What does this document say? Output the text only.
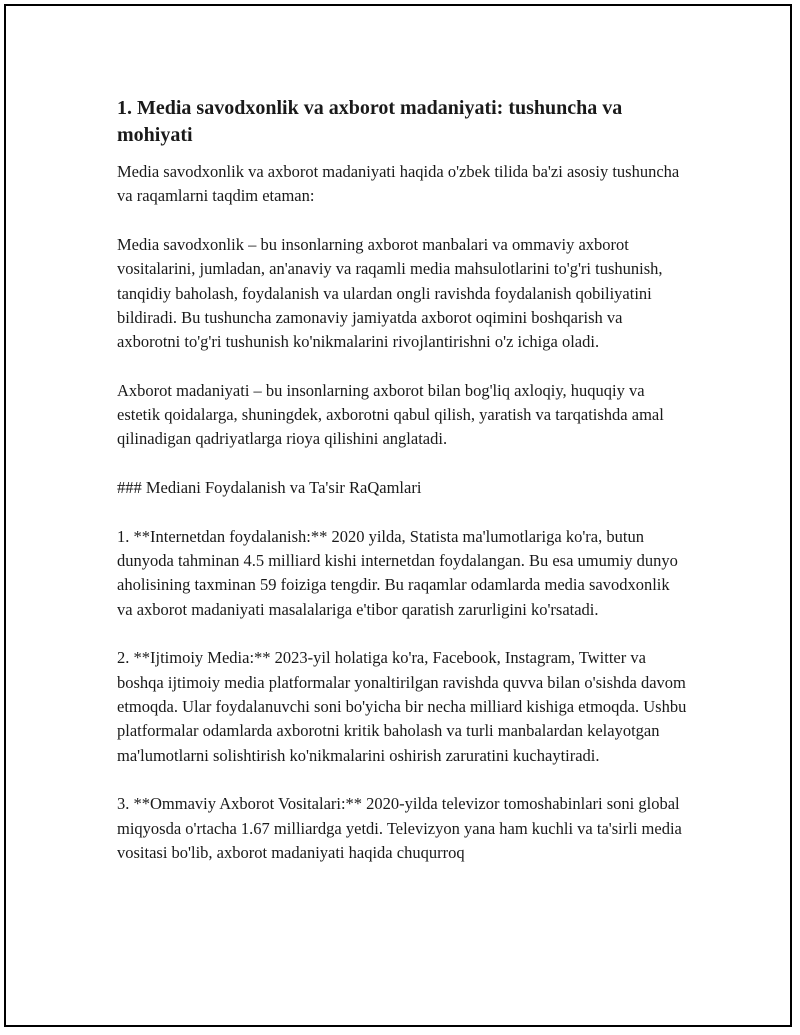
1. Media savodxonlik va axborot madaniyati: tushuncha va mohiyati

Media savodxonlik va axborot madaniyati haqida o'zbek tilida ba'zi asosiy tushuncha va raqamlarni taqdim etaman:

Media savodxonlik – bu insonlarning axborot manbalari va ommaviy axborot vositalarini, jumladan, an'anaviy va raqamli media mahsulotlarini to'g'ri tushunish, tanqidiy baholash, foydalanish va ulardan ongli ravishda foydalanish qobiliyatini bildiradi. Bu tushuncha zamonaviy jamiyatda axborot oqimini boshqarish va axborotni to'g'ri tushunish ko'nikmalarini rivojlantirishni o'z ichiga oladi.

Axborot madaniyati – bu insonlarning axborot bilan bog'liq axloqiy, huquqiy va estetik qoidalarga, shuningdek, axborotni qabul qilish, yaratish va tarqatishda amal qilinadigan qadriyatlarga rioya qilishini anglatadi.

### Mediani Foydalanish va Ta'sir RaQamlari

1. **Internetdan foydalanish:** 2020 yilda, Statista ma'lumotlariga ko'ra, butun dunyoda tahminan 4.5 milliard kishi internetdan foydalangan. Bu esa umumiy dunyo aholisining taxminan 59 foiziga tengdir. Bu raqamlar odamlarda media savodxonlik va axborot madaniyati masalalariga e'tibor qaratish zarurligini ko'rsatadi.

2. **Ijtimoiy Media:** 2023-yil holatiga ko'ra, Facebook, Instagram, Twitter va boshqa ijtimoiy media platformalar yonaltirilgan ravishda quvva bilan o'sishda davom etmoqda. Ular foydalanuvchi soni bo'yicha bir necha milliard kishiga etmoqda. Ushbu platformalar odamlarda axborotni kritik baholash va turli manbalardan kelayotgan ma'lumotlarni solishtirish ko'nikmalarini oshirish zaruratini kuchaytiradi.

3. **Ommaviy Axborot Vositalari:** 2020-yilda televizor tomoshabinlari soni global miqyosda o'rtacha 1.67 milliardga yetdi. Televizyon yana ham kuchli va ta'sirli media vositasi bo'lib, axborot madaniyati haqida chuqurroq
